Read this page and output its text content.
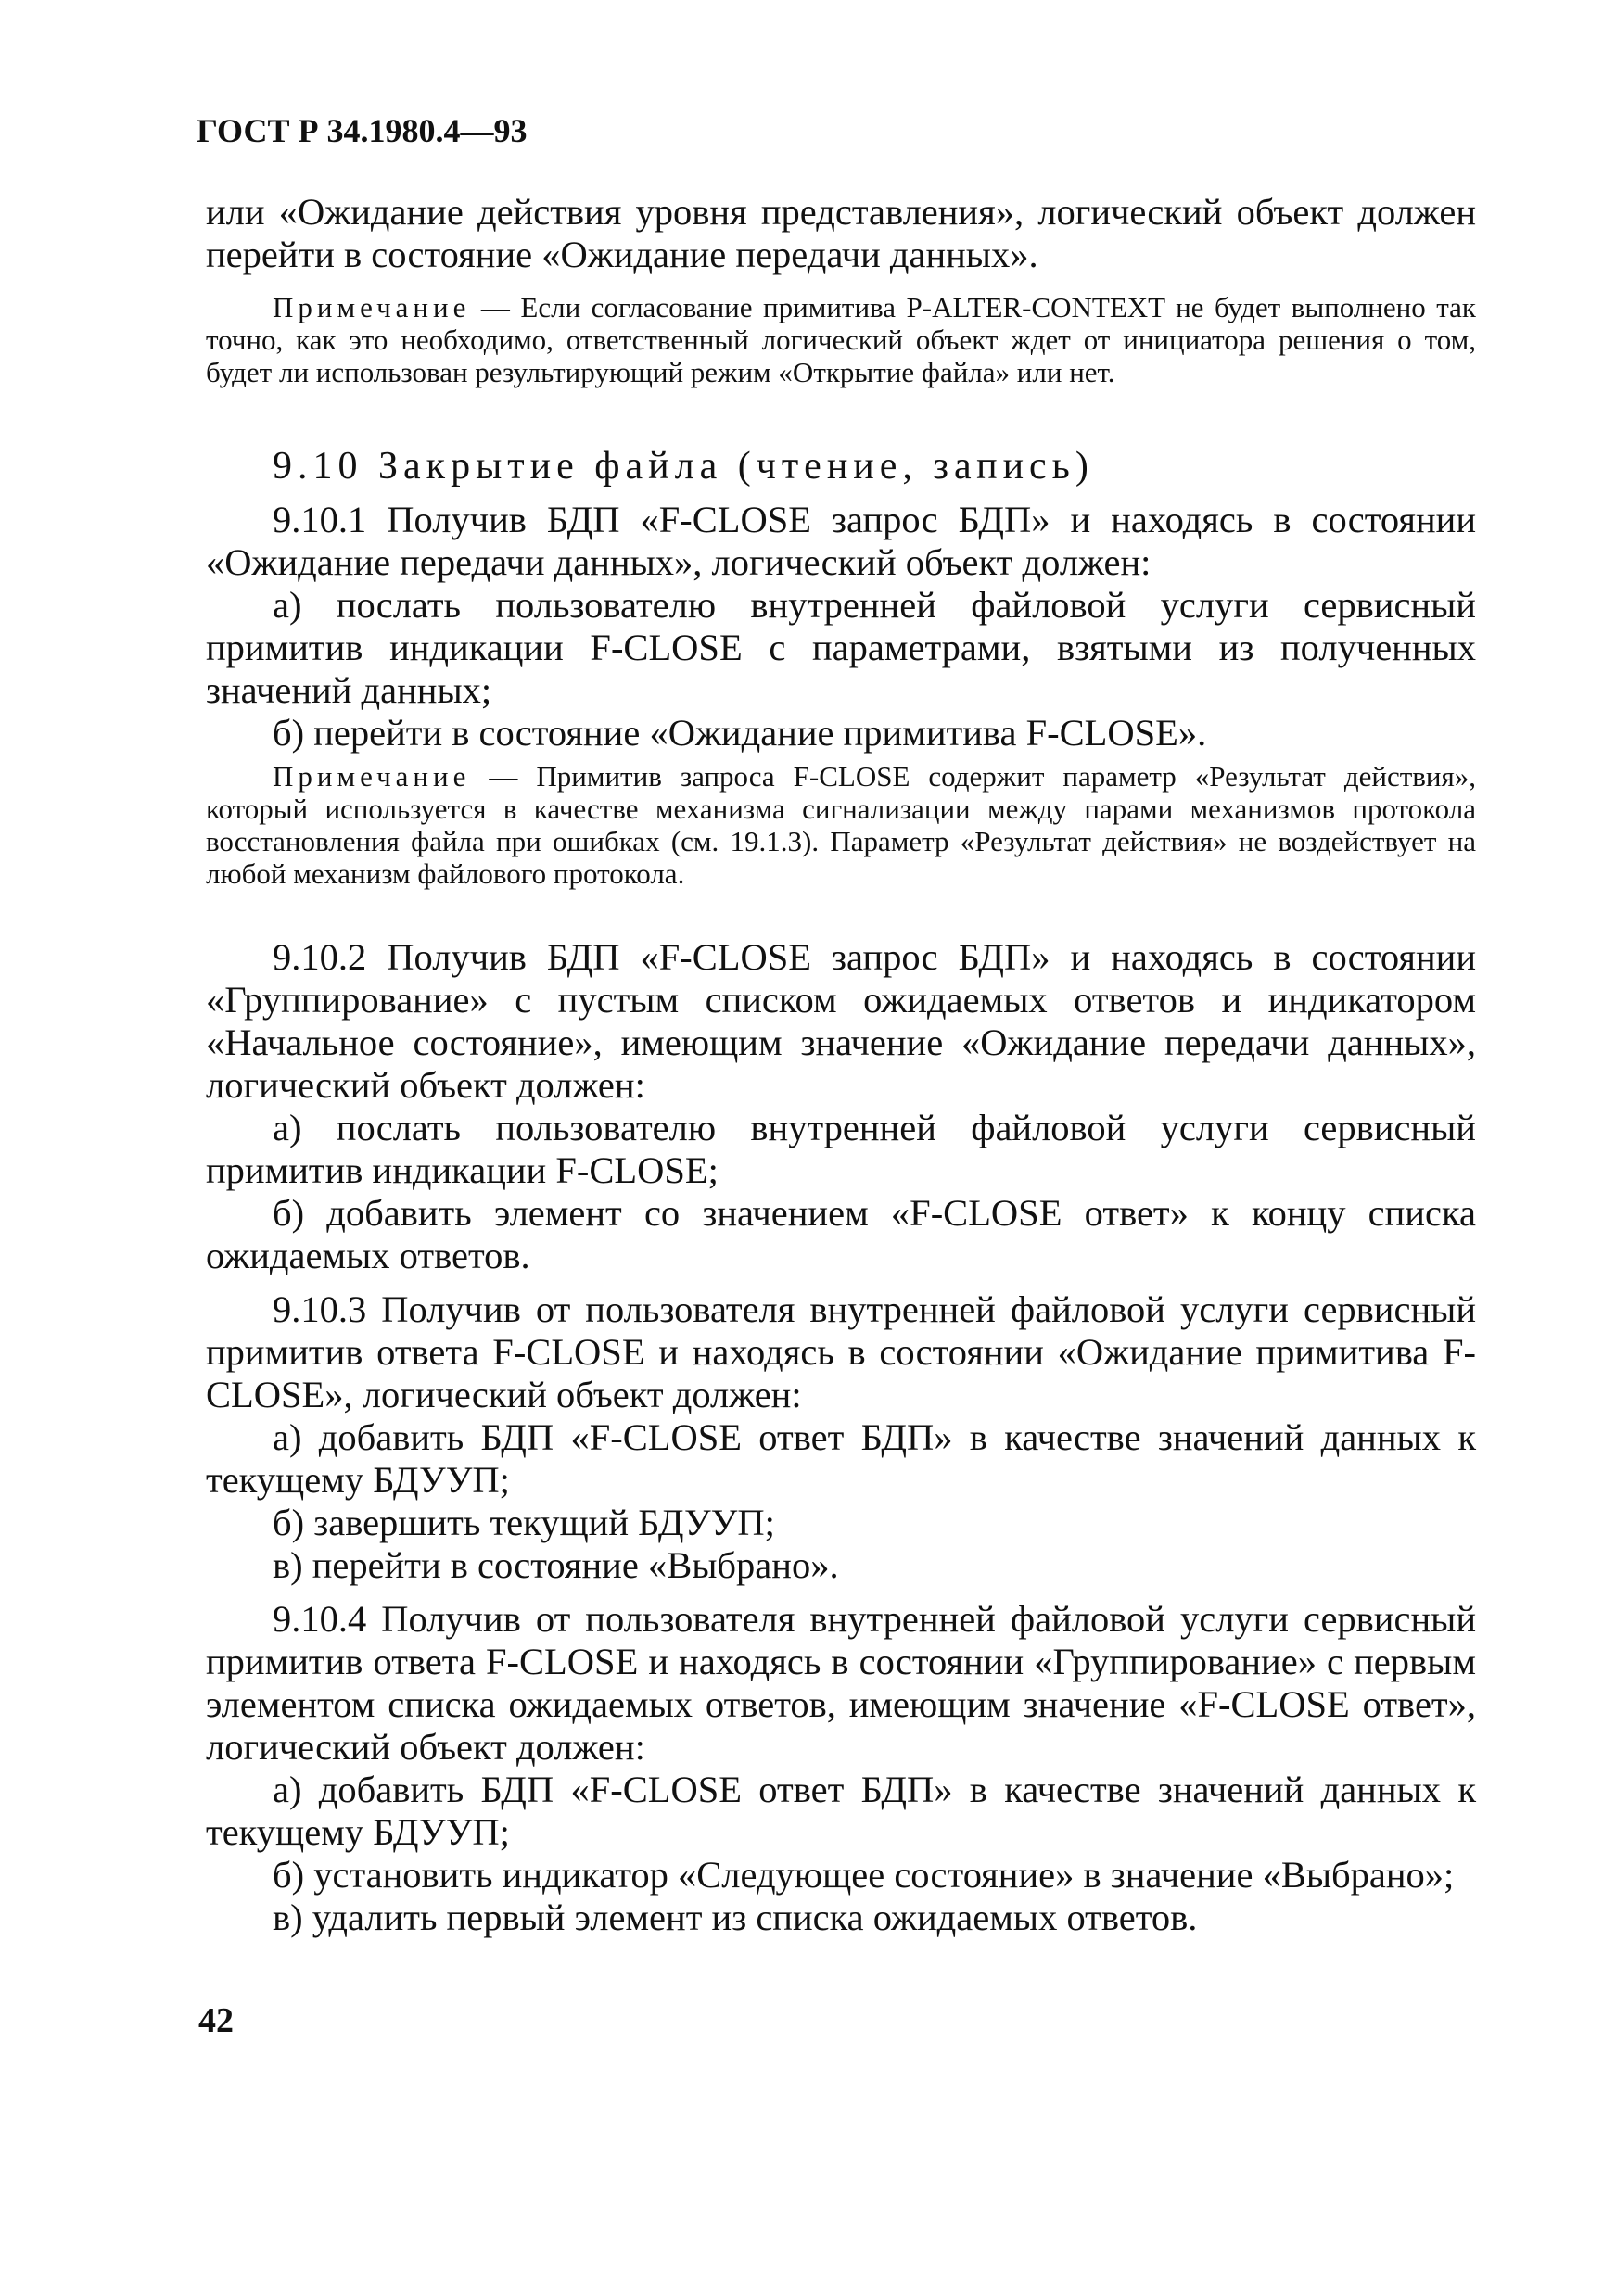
ГОСТ Р 34.1980.4—93

или «Ожидание действия уровня представления», логический объект должен перейти в состояние «Ожидание передачи данных».

Примечание — Если согласование примитива P-ALTER-CONTEXT не будет выполнено так точно, как это необходимо, ответственный логический объект ждет от инициатора решения о том, будет ли использован результирующий режим «Открытие файла» или нет.
9.10 Закрытие файла (чтение, запись)

9.10.1 Получив БДП «F-CLOSE запрос БДП» и находясь в состоянии «Ожидание передачи данных», логический объект должен:

а) послать пользователю внутренней файловой услуги сервисный примитив индикации F-CLOSE с параметрами, взятыми из полученных значений данных;

б) перейти в состояние «Ожидание примитива F-CLOSE».

Примечание — Примитив запроса F-CLOSE содержит параметр «Результат действия», который используется в качестве механизма сигнализации между парами механизмов протокола восстановления файла при ошибках (см. 19.1.3). Параметр «Результат действия» не воздействует на любой механизм файлового протокола.

9.10.2 Получив БДП «F-CLOSE запрос БДП» и находясь в состоянии «Группирование» с пустым списком ожидаемых ответов и индикатором «Начальное состояние», имеющим значение «Ожидание передачи данных», логический объект должен:

а) послать пользователю внутренней файловой услуги сервисный примитив индикации F-CLOSE;

б) добавить элемент со значением «F-CLOSE ответ» к концу списка ожидаемых ответов.

9.10.3 Получив от пользователя внутренней файловой услуги сервисный примитив ответа F-CLOSE и находясь в состоянии «Ожидание примитива F-CLOSE», логический объект должен:

а) добавить БДП «F-CLOSE ответ БДП» в качестве значений данных к текущему БДУУП;

б) завершить текущий БДУУП;

в) перейти в состояние «Выбрано».

9.10.4 Получив от пользователя внутренней файловой услуги сервисный примитив ответа F-CLOSE и находясь в состоянии «Группирование» с первым элементом списка ожидаемых ответов, имеющим значение «F-CLOSE ответ», логический объект должен:

а) добавить БДП «F-CLOSE ответ БДП» в качестве значений данных к текущему БДУУП;

б) установить индикатор «Следующее состояние» в значение «Выбрано»;

в) удалить первый элемент из списка ожидаемых ответов.

42
